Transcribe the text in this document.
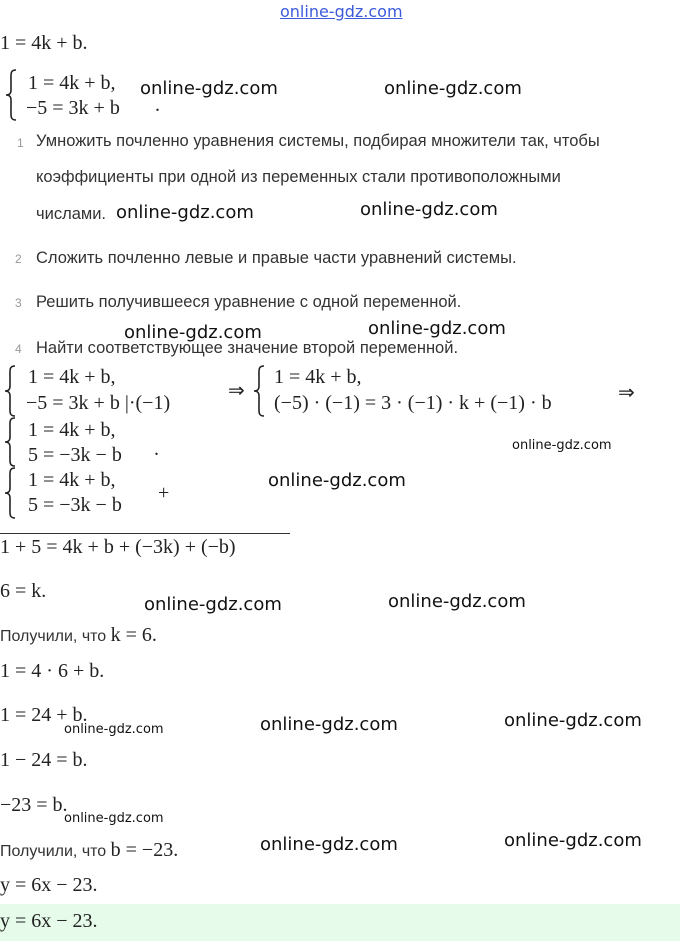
online-gdz.com
1 = 4k + b.
1 = 4k + b,
−5 = 3k + b .
1 Умножить почленно уравнения системы, подбирая множители так, чтобы
коэффициенты при одной из переменных стали противоположными
числами.
2 Сложить почленно левые и правые части уравнений системы.
3 Решить получившееся уравнение с одной переменной.
4 Найти соответствующее значение второй переменной.
1 = 4k + b,
−5 = 3k + b |·(−1)
⇒
1 = 4k + b,
(−5) · (−1) = 3 · (−1) · k + (−1) · b	⇒
1 = 4k + b,
5 = −3k − b .
1 = 4k + b,
5 = −3k − b
+
1 + 5 = 4k + b + (−3k) + (−b)
6 = k.
Получили, что k = 6.
1 = 4 · 6 + b.
1 = 24 + b.
1 − 24 = b.
−23 = b.
Получили, что b = −23.
y = 6x − 23.
y = 6x − 23.
online-gdz.com	online-gdz.com
online-gdz.com	online-gdz.com
online-gdz.com	online-gdz.com
online-gdz.com
online-gdz.com
online-gdz.com	online-gdz.com
online-gdz.com	online-gdz.com	online-gdz.com
online-gdz.com
online-gdz.com	online-gdz.com
